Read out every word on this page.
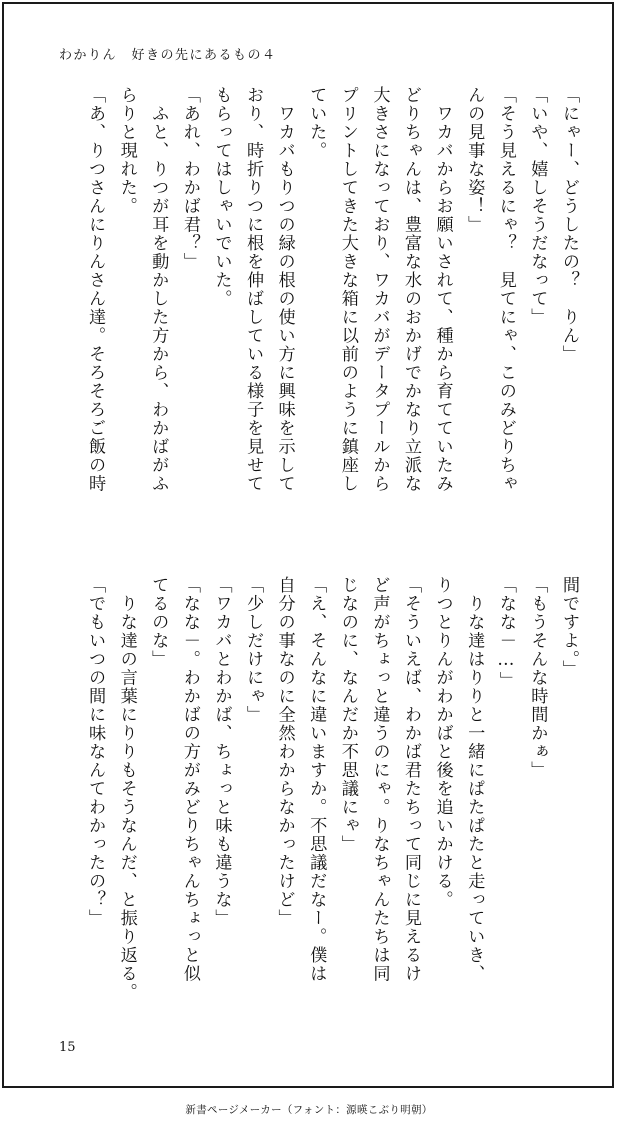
わかりん　好きの先にあるもの４
「にゃー、どうしたの？　りん」
「いや、嬉しそうだなって」
「そう見えるにゃ？　見てにゃ、このみどりちゃ
んの見事な姿！」
　ワカバからお願いされて、種から育てていたみ
どりちゃんは、豊富な水のおかげでかなり立派な
大きさになっており、ワカバがデータプールから
プリントしてきた大きな箱に以前のように鎮座し
ていた。
　ワカバもりつの緑の根の使い方に興味を示して
おり、時折りつに根を伸ばしている様子を見せて
もらってはしゃいでいた。
「あれ、わかば君？」
　ふと、りつが耳を動かした方から、わかばがふ
らりと現れた。
「あ、りつさんにりんさん達。そろそろご飯の時
間ですよ。」
「もうそんな時間かぁ」
「なな－…」
　りな達はりりと一緒にぱたぱたと走っていき、
りつとりんがわかばと後を追いかける。
「そういえば、わかば君たちって同じに見えるけ
ど声がちょっと違うのにゃ。りなちゃんたちは同
じなのに、なんだか不思議にゃ」
「え、そんなに違いますか。不思議だなー。僕は
自分の事なのに全然わからなかったけど」
「少しだけにゃ」
「ワカバとわかば、ちょっと味も違うな」
「なな－。わかばの方がみどりちゃんちょっと似
てるのな」
　りな達の言葉にりりもそうなんだ、と振り返る。
「でもいつの間に味なんてわかったの？」
15
新書ページメーカー（フォント：源暎こぶり明朝）
